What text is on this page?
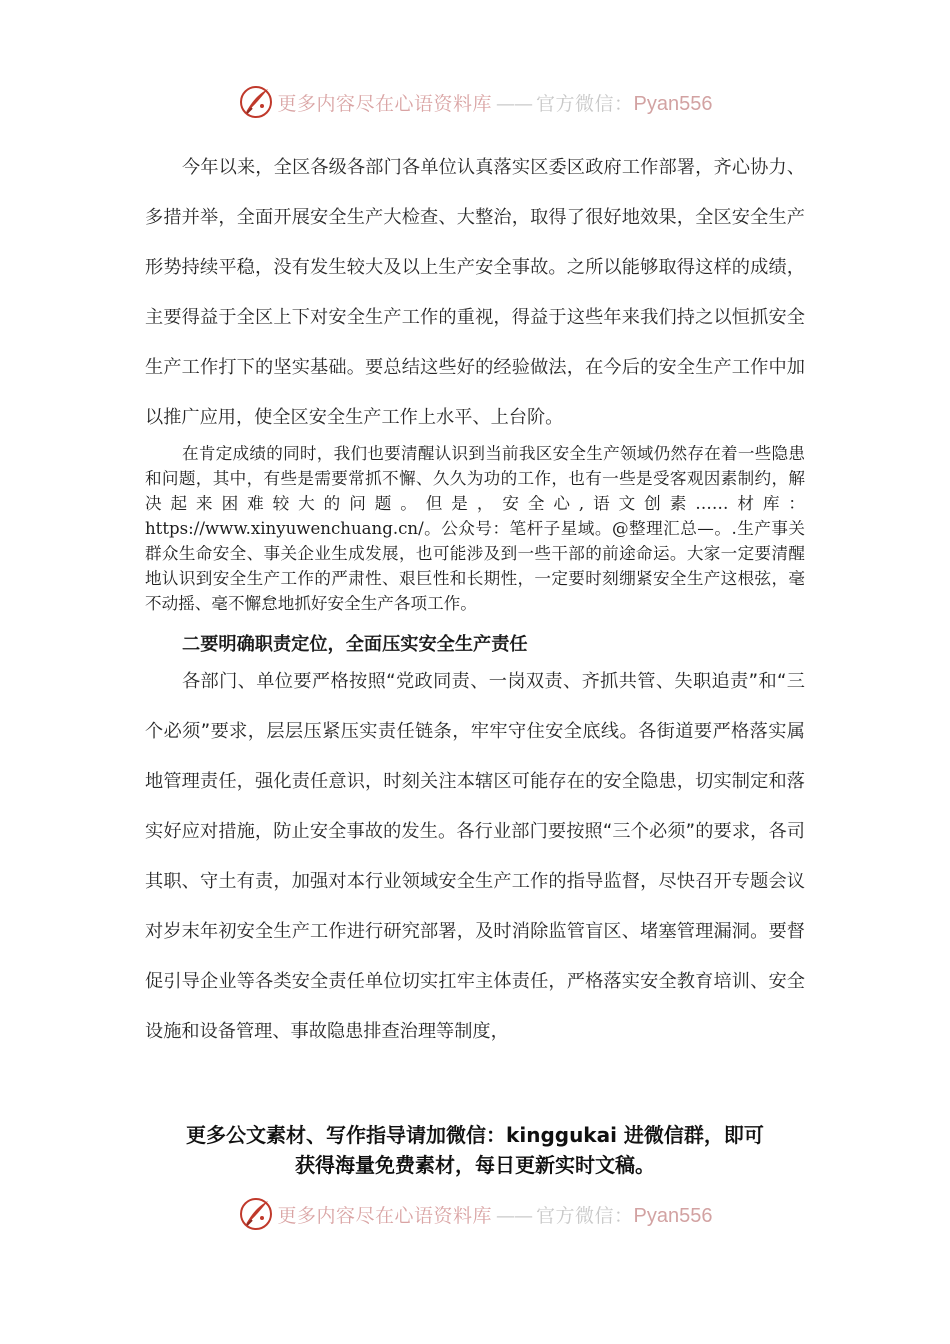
更多内容尽在心语资料库 —— 官方微信：Pyan556

今年以来，全区各级各部门各单位认真落实区委区政府工作部署，齐心协力、多措并举，全面开展安全生产大检查、大整治，取得了很好地效果，全区安全生产形势持续平稳，没有发生较大及以上生产安全事故。之所以能够取得这样的成绩，主要得益于全区上下对安全生产工作的重视，得益于这些年来我们持之以恒抓安全生产工作打下的坚实基础。要总结这些好的经验做法，在今后的安全生产工作中加以推广应用，使全区安全生产工作上水平、上台阶。

在肯定成绩的同时，我们也要清醒认识到当前我区安全生产领域仍然存在着一些隐患和问题，其中，有些是需要常抓不懈、久久为功的工作，也有一些是受客观因素制约，解决起来困难较大的问题。但是，安全心,语文创素……材库：https://www.xinyuwenchuang.cn/。公众号：笔杆子星域。@整理汇总—。.生产事关群众生命安全、事关企业生成发展，也可能涉及到一些干部的前途命运。大家一定要清醒地认识到安全生产工作的严肃性、艰巨性和长期性，一定要时刻绷紧安全生产这根弦，毫不动摇、毫不懈怠地抓好安全生产各项工作。

二要明确职责定位，全面压实安全生产责任

各部门、单位要严格按照“党政同责、一岗双责、齐抓共管、失职追责”和“三个必须”要求，层层压紧压实责任链条，牢牢守住安全底线。各街道要严格落实属地管理责任，强化责任意识，时刻关注本辖区可能存在的安全隐患，切实制定和落实好应对措施，防止安全事故的发生。各行业部门要按照“三个必须”的要求，各司其职、守土有责，加强对本行业领域安全生产工作的指导监督，尽快召开专题会议对岁末年初安全生产工作进行研究部署，及时消除监管盲区、堵塞管理漏洞。要督促引导企业等各类安全责任单位切实扛牢主体责任，严格落实安全教育培训、安全设施和设备管理、事故隐患排查治理等制度，

更多公文素材、写作指导请加微信：kinggukai 进微信群，即可
获得海量免费素材，每日更新实时文稿。
更多内容尽在心语资料库 —— 官方微信：Pyan556
